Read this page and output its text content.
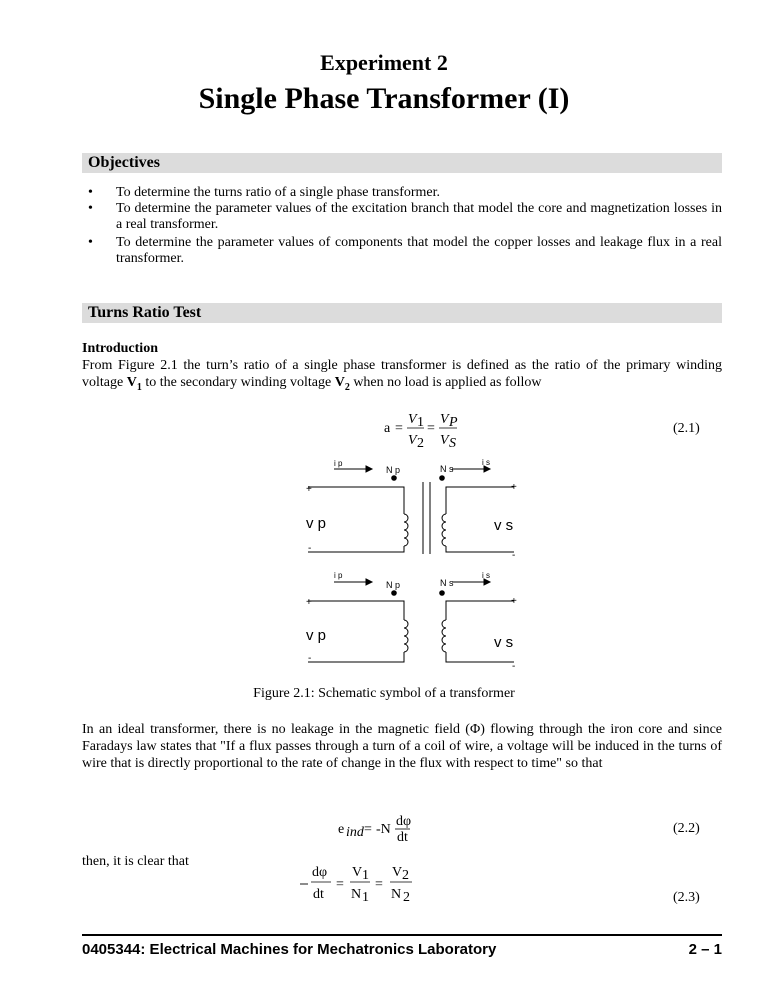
Experiment 2
Single Phase Transformer (I)
Objectives
• To determine the turns ratio of a single phase transformer.
• To determine the parameter values of the excitation branch that model the core and magnetization losses in a real transformer.
• To determine the parameter values of components that model the copper losses and leakage flux in a real transformer.
Turns Ratio Test
Introduction
From Figure 2.1 the turn’s ratio of a single phase transformer is defined as the ratio of the primary winding voltage $V_1$ to the secondary winding voltage $V_2$ when no load is applied as follow
a =
V 1
V 2
=
V P
V S
(2.1)
i p	i s
N p	N s
+	+
v p	v s
-
-
i p	i s
N p	N s
+	+
v p	v s
-
-
Figure 2.1: Schematic symbol of a transformer
In an ideal transformer, there is no leakage in the magnetic field (Φ) flowing through the iron core and since Faradays law states that "If a flux passes through a turn of a coil of wire, a voltage will be induced in the turns of wire that is directly proportional to the rate of change in the flux with respect to time" so that
e ind = -N
dφ
dt
(2.2)
then, it is clear that
dφ
dt
=
V 1
N 1
=
V 2
N 2	(2.3)
0405344: Electrical Machines for Mechatronics Laboratory	2 – 1
